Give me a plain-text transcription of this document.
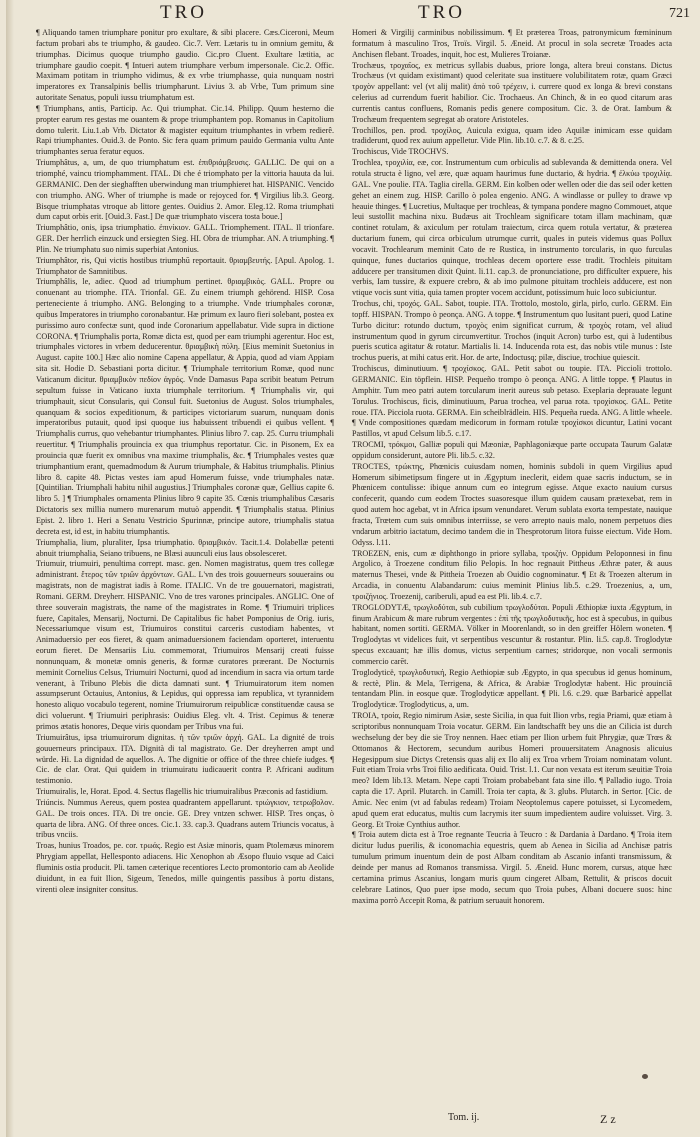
TRO	TRO	721

¶ Aliquando tamen triumphare ponitur pro exultare, & sibi placere. Cæs.Ciceroni, Meum factum probari abs te triumpho, & gaudeo. Cic.7. Verr. Lætaris tu in omnium gemitu, & triumphas. Dicimus quoque triumpho gaudio. Cic.pro Cluent. Exultare lætitia, ac triumphare gaudio coepit. ¶ Intueri autem triumphare verbum impersonale. Cic.2. Offic. Maximam potitam in triumpho vidimus, & ex vrbe triumphasse, quia nunquam nostri imperatores ex Transalpinis bellis triumpharunt. Livius 3. ab Vrbe, Tum primum sine autoritate Senatus, populi iussu triumphatum est.

¶ Triumphans, antis, Particip. Ac. Qui triumphat. Cic.14. Philipp. Quum hesterno die propter earum res gestas me ouantem & prope triumphantem pop. Romanus in Capitolium domo tulerit. Liu.1.ab Vrb. Dictator & magister equitum triumphantes in vrbem redierê. Rapi triumphantes. Ouid.3. de Ponto. Sic fera quam primum pauido Germania vultu Ante triumphantes serua feratur equos.

Triumphâtus, a, um, de quo triumphatum est. ἐπιθριάμβευσις. GALLIC. De qui on a triomphé, vaincu triomphamment. ITAL. Di che é triomphato per la vittoria hauuta da lui. GERMANIC. Den der sieghafften uberwindung man triumphieret hat. HISPANIC. Vencido con triumpho. ANG. Wher of triumphe is made or rejoyced for. ¶ Virgilius lib.3. Georg. Bisque triumphatas vtroque ab littore gentes. Ouidius 2. Amor. Eleg.12. Roma triumphati dum caput orbis erit. [Ouid.3. Fast.] De quæ triumphato viscera tosta boue.]

Triumphâtio, onis, ipsa triumphatio. ἐπινίκιον. GALL. Triomphement. ITAL. Il trionfare. GER. Der herrlich einzuck und ersiegten Sieg. HI. Obra de triumphar. AN. A triumphing. ¶ Plin. Ne triumphatu suo nimis superbiat Antonius.

Triumphâtor, ris, Qui victis hostibus triumphū reportauit. θριαμβευτής. [Apul. Apolog. 1. Triumphator de Samnitibus.

Triumphâlis, le, adiec. Quod ad triumphum pertinet. θριαμβικὸς. GALL. Propre ou conuenant au triomphe. ITA. Trionfal. GE. Zu einem triumph gehörend. HISP. Cosa perteneciente á triumpho. ANG. Belonging to a triumphe. Vnde triumphales coronæ, quibus Imperatores in triumpho coronabantur. Hæ primum ex lauro fieri solebant, postea ex purissimo auro confectæ sunt, quod inde Coronarium appellabatur. Vide supra in dictione CORONA. ¶ Triumphalis porta, Romæ dicta est, quod per eam triumphi agerentur. Hoc est, triumphales victores in vrbem deducerentur. θριαμβικὴ πύλη. [Eius meminit Suetonius in August. capite 100.] Hæc alio nomine Capena appellatur, & Appia, quod ad viam Appiam sita sit. Hodie D. Sebastiani porta dicitur. ¶ Triumphale territorium Romæ, quod nunc Vaticanum dicitur. θριαμβικὸν πεδίον ἀγρός. Vnde Damasus Papa scribit beatum Petrum sepultum fuisse in Vaticano iuxta triumphale territorium. ¶ Triumphalis vir, qui triumphauit, sicut Consularis, qui Consul fuit. Suetonius de August. Solos triumphales, quanquam & socios expeditionum, & participes victoriarum suarum, nunquam donis imperatoribus putauit, quod ipsi quoque ius habuissent tribuendi ei quibus vellent. ¶ Triumphalis currus, quo vehebantur triumphantes. Plinius libro 7. cap. 25. Curru triumphali reuertitur. ¶ Triumphalis prouincia ex qua triumphus reportatur. Cic. in Pisonem, Ex ea prouincia quæ fuerit ex omnibus vna maxime triumphalis, &c. ¶ Triumphales vestes quæ triumphantium erant, quemadmodum & Aurum triumphale, & Habitus triumphalis. Plinius libro 8. capite 48. Pictas vestes iam apud Homerum fuisse, vnde triumphales natæ. [Quintilian. Triumphali habitu nihil augustius.] Triumphales coronæ quæ, Gellius capite 6. libro 5. ] ¶ Triumphales ornamenta Plinius libro 9 capite 35. Cœnis triumphalibus Cæsaris Dictatoris sex millia numero murenarum mutuò appendit. ¶ Triumphalis statua. Plinius Epist. 2. libro 1. Heri a Senatu Vestricio Spurinnæ, principe autore, triumphalis statua decreta est, id est, in habitu triumphantis.

Triumphalia, lium, pluraliter, Ipsa triumphatio. θριαμβικόν. Tacit.1.4. Dolabellæ petenti abnuit triumphalia, Seiano tribuens, ne Blæsi auunculi eius laus obsolesceret.

Triumuir, triumuiri, penultima corrept. masc. gen. Nomen magistratus, quem tres collegæ administrant. ἕτερος τῶν τριῶν ἀρχόντων. GAL. L'vn des trois gouuerneurs souuerains ou magistrats, non de magistrat iadis à Rome. ITALIC. Vn de tre gouuernatori, magistrati, Romani. GERM. Dreyherr. HISPANIC. Vno de tres varones principales. ANGLIC. One of three souverain magistrats, the name of the magistrates in Rome. ¶ Triumuiri triplices fuere, Capitales, Mensarij, Nocturni. De Capitalibus fic habet Pomponius de Orig. iuris, Necessariumque visum est, Triumuiros constitui carceris custodiam habentes, vt Animaduersio per eos fieret, & quam animaduersionem faciendam oporteret, interuentu eorum fieret. De Mensariis Liu. commemorat, Triumuiros Mensarij creati fuisse nonnunquam, & monetæ omnis generis, & formæ curatores præerant. De Nocturnis meminit Cornelius Celsus, Triumuiri Nocturni, quod ad incendium in sacra via ortum tarde venerant, à Tribuno Plebis die dicta damnati sunt. ¶ Triumuiratorum item nomen assumpserunt Octauius, Antonius, & Lepidus, qui oppressa iam republica, vt tyrannidem honesto aliquo vocabulo tegerent, nomine Triumuirorum reipublicæ constituendæ causa se dici voluerunt. ¶ Triumuiri periphrasis: Ouidius Eleg. vlt. 4. Trist. Cepimus & teneræ primos ætatis honores, Deque viris quondam per Tribus vna fui.

Triumuirâtus, ipsa triumuirorum dignitas. ἡ τῶν τριῶν ἀρχή. GAL. La dignité de trois gouuerneurs principaux. ITA. Dignità di tal magistrato. Ge. Der dreyherren ampt und würde. Hi. La dignidad de aquellos. A. The dignitie or office of the three chiefe iudges. ¶ Cic. de clar. Orat. Qui quidem in triumuiratu iudicauerit contra P. Africani auditum testimonio.

Triumuiralis, le, Horat. Epod. 4. Sectus flagellis hic triumuiralibus Præconis ad fastidium.

Triúncis. Nummus Aereus, quem postea quadrantem appellarunt. τριώγκιον, τετρωβολον. GAL. De trois onces. ITA. Di tre oncie. GE. Drey vntzen schwer. HISP. Tres onças, ò quarta de libra. ANG. Of three onces. Cic.1. 33. cap.3. Quadrans autem Triuncis vocatus, à tribus vnciis.

Troas, hunius Troados, pe. cor. τρωάς. Regio est Asiæ minoris, quam Ptolemæus minorem Phrygiam appellat, Hellesponto adiacens. Hic Xenophon ab Æsopo fluuio vsque ad Caici fluminis ostia producit. Pli. tamen cæterique recentiores Lecto promontorio cam ab Aeolide diuidunt, in ea fuit Ilion, Sigeum, Tenedos, mille quingentis passibus à portu distans, virenti oleæ insigniter consitus.

Homeri & Virgilij carminibus nobilissimum. ¶ Et præterea Troas, patronymicum fœmininum formatum à masculino Tros, Troïs. Virgil. 5. Æneid. At procul in sola secretæ Troades acta Anchisen flebant. Troades, inquit, hoc est, Mulieres Troianæ.

Trochæus, τροχαῖος, ex metricus syllabis duabus, priore longa, altera breui constans. Dictus Trochæus (vt quidam existimant) quod celeritate sua instituere volubilitatem rotæ, quam Græci τροχὸν appellant: vel (vt alij malit) ἀπὸ τοῦ τρέχειν, i. currere quod ex longa & brevi constans celerius ad currendum fuerit habilior. Cic. Trochaeus. An Chinch, & in eo quod citarum aras currentis cantus confluens, Romanis pedis genere compositum. Cic. 3. de Orat. Iambum & Trochæum frequentem segregat ab oratore Aristoteles.

Trochillos, pen. prod. τροχίλος, Auicula exigua, quam ideo Aquilæ inimicam esse quidam tradiderunt, quod rex auium appelletur. Vide Plin. lib.10. c.7. & 8. c.25.

Trochiscus, Vide TROCHVS.

Trochlea, τροχιλία, eæ, cor. Instrumentum cum orbiculis ad sublevanda & demittenda onera. Vel rotula structa è ligno, vel ære, quæ aquam haurimus fune ductario, & hydria. ¶ ἐλκύω τροχιλίᾳ. GAL. Vne poulie. ITA. Taglia cirella. GERM. Ein kolben oder wellen oder die das seil oder ketten gehet an einem zug. HISP. Carillo ò polea engenio. ANG. A windlasse or pulley to drawe vp heauie thinges. ¶ Lucretius, Multaque per trochleas, & tympana pondere magno Commouet, atque leui sustollit machina nixu. Budæus ait Trochleam significare totam illam machinam, quæ continet rotulam, & axiculum per rotulam traiectum, circa quem rotula vertatur, & præterea ductarium funem, qui circa orbiculum utrumque currit, quales in puteis videmus quas Pollux vocavit. Trochlearum meminit Cato de re Rustica, in instrumento torcularis, in quo furculas quinque, funes ductarios quinque, trochleas decem oportere esse tradit. Trochleis pituitam adducere per transitumen dixit Quint. li.11. cap.3. de pronunciatione, pro difficulter expuere, his verbis, Iam tussire, & expuere crebro, & ab imo pulmone pituitam trochleis adducere, est non vtique vocis sunt vitia, quia tamen propter vocem accidunt, potissimum huic loco subiciuntur.

Trochus, chi, τροχός. GAL. Sabot, toupie. ITA. Trottolo, mostolo, girla, pirlo, curlo. GERM. Ein topff. HISPAN. Trompo ò peonça. ANG. A toppe. ¶ Instrumentum quo lusitant pueri, quod Latine Turbo dicitur: rotundo ductum, τροχὸς enim significat currum, & τροχὸς rotam, vel aliud instrumentum quod in gyrum circumvertitur. Trochos (inquit Acron) turbo est, qui à ludentibus pueris scutica agitatur & rotatur. Martialis li. 14. Inducenda rota est, das nobis vtile munus : Iste trochus pueris, at mihi catus erit. Hor. de arte, Indoctusq; pilæ, disciue, trochiue quiescit.

Trochiscus, diminutiuum. ¶ τροχίσκος. GAL. Petit sabot ou toupie. ITA. Piccioli trottolo. GERMANIC. Ein töpflein. HISP. Pequeño trompo ò peonça. ANG. A little toppe. ¶ Plautus in Amphitr. Tum meo patri autem torcularum inerit aureus sub petaso. Exeplaria deprauate legunt Torulus. Trochiscus, ficis, diminutiuum, Parua trochea, vel parua rota. τροχίσκος. GAL. Petite roue. ITA. Picciola ruota. GERMA. Ein scheiblrädlein. HIS. Pequeña rueda. ANG. A little wheele. ¶ Vnde compositiones quædam medicorum in formam rotulæ τροχίσκοι dicuntur, Latini vocant Pastillos, vt apud Celsum lib.5. c.17.

TROCMI, τρόκμοι, Galliæ populi qui Mæoniæ, Paphlagoniæque parte occupata Taurum Galatæ oppidum considerunt, autore Pli. lib.5. c.32.

TROCTES, τρώκτης, Phœnicis cuiusdam nomen, hominis subdoli in quem Virgilius apud Homerum sibimetipsum fingere ut in Ægyptum ineclerit, eidem quae sacris inductum, se in Phœnicem contulisse: ibique annum cum eo integrum egisse. Atque exacto nauium cursus confecerit, quando cum eodem Troctes suasoresque illum quidem causam prætexebat, rem in quod autem hoc agebat, vt in Africa ipsum venundaret. Verum sublata exorta tempestate, nauique fracta, Trœtem cum suis omnibus interriisse, se vero arrepto nauis malo, nonem perpetuos dies vndarum arbitrio iactatum, decimo tandem die in Thesprotorum litora fuisse eiectum. Vide Hom. Odyss. l.11.

TROEZEN, enis, cum æ diphthongo in priore syllaba, τροιζήν. Oppidum Peloponnesi in finu Argolico, à Troezene conditum filio Pelopis. In hoc regnauit Pittheus Æthræ pater, & auus maternus Thesei, vnde & Pittheia Troezen ab Ouidio cognominatur. ¶ Et & Troezen alterum in Arcadia, in conuentu Alabandarum: cuius meminit Plinius lib.5. c.29. Troezenius, a, um, τροιζήνιος. Troezenij, cariberuli, apud ea est Pli. lib.4. c.7.

TROGLODYTÆ, τρωγλοδύται, sub cubilium τρωγλοδύται. Populi Æthiopiæ iuxta Ægyptum, in finum Arabicum & mare rubrum vergentes : ἐπὶ τῆς τρωγλοδυτικῆς, hoc est à specubus, in quibus habitant, nomen sortiti. GERMA. Völker in Moorenlandt, so in den greiffer Hölern woneten. ¶ Troglodytas vt videlices fuit, vt serpentibus vescuntur & rostantur. Plin. li.5. cap.8. Troglodytæ specus excauant; hæ illis domus, victus serpentium carnes; stridorque, non vocali sermonis commercio carēt.

Troglodyticë, τρωγλοδυτική, Regio Aethiopiæ sub Ægypto, in qua specubus id genus hominum, & rectè, Plin. & Mela, Terrigena, & Africa, & Arabiæ Troglodytæ habent. Hic prouinciā tentandam Plin. in eosque quæ. Troglodyticæ appellant. ¶ Pli. l.6. c.29. quæ Barbaricè appellat Troglodyticæ. Troglodyticus, a, um.

TROIA, τροία, Regio nimirum Asiæ, seste Sicilia, in qua fuit Ilion vrbs, regia Priami, quæ etiam à scriptoribus nonnunquam Troia vocatur. GERM. Ein landtschafft bey uns die an Cilicia ist durch wechselung der bey die sie Troy nennen. Haec etiam per Ilion urbem fuit Phrygiæ, quæ Trœs & Ottomanos & Hectorem, secundum auribus Homeri prouuersitatem Anagnosis alicuius Hegesippum siue Dictys Cretensis quas alij ex Ilo alij ex Troa vrbem Troiam nominatam volunt. Fuit etiam Troia vrbs Troi filio aedificata. Ouid. Trist. l.1. Cur non vexata est iterum sæuitiæ Troia meo? Idem lib.13. Metam. Nepe capti Troiam probabebant fata sine illo. ¶ Palladio iugo. Troia capta die 17. April. Plutarch. in Camill. Troia ter capta, & 3. glubs. Plutarch. in Sertor. [Cic. de Amic. Nec enim (vt ad fabulas redeam) Troiam Neoptolemus capere potuisset, si Lycomedem, apud quem erat educatus, multis cum lacrymis iter suum impedientem audire voluisset. Virg. 3. Georg. Et Troiæ Cynthius author.

¶ Troia autem dicta est à Troe regnante Teucria à Teucro : & Dardania à Dardano. ¶ Troia item dicitur ludus puerilis, & iconomachia equestris, quem ab Aenea in Sicilia ad Anchisæ patris tumulum primum inuentum dein de post Albam conditam ab Ascanio infanti transmissum, & deinde per manus ad Romanos transmissa. Virgil. 5. Æneid. Hunc morem, cursus, atque hæc certamina primus Ascanius, longam muris quum cingeret Albam, Rettulit, & priscos docuit celebrare Latinos, Quo puer ipse modo, secum quo Troia pubes, Albani docuere suos: hinc maxima porrò Accepit Roma, & patrium seruauit honorem.

Tom. ij.	Z z
